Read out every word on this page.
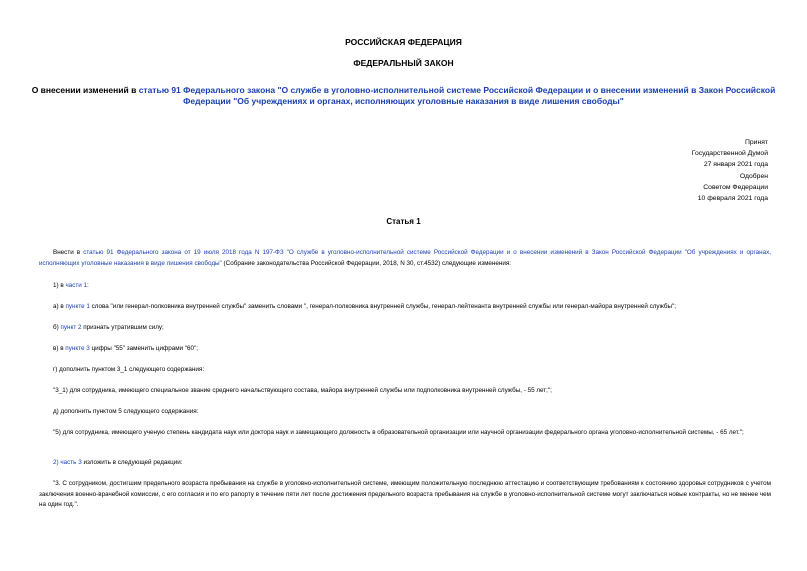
РОССИЙСКАЯ ФЕДЕРАЦИЯ
ФЕДЕРАЛЬНЫЙ ЗАКОН
О внесении изменений в статью 91 Федерального закона "О службе в уголовно-исполнительной системе Российской Федерации и о внесении изменений в Закон Российской Федерации "Об учреждениях и органах, исполняющих уголовные наказания в виде лишения свободы"
Принят
Государственной Думой
27 января 2021 года
Одобрен
Советом Федерации
10 февраля 2021 года
Статья 1
Внести в статью 91 Федерального закона от 19 июля 2018 года N 197-ФЗ "О службе в уголовно-исполнительной системе Российской Федерации и о внесении изменений в Закон Российской Федерации "Об учреждениях и органах, исполняющих уголовные наказания в виде лишения свободы" (Собрание законодательства Российской Федерации, 2018, N 30, ст.4532) следующие изменения:
1) в части 1:
а) в пункте 1 слова "или генерал-полковника внутренней службы" заменить словами ", генерал-полковника внутренней службы, генерал-лейтенанта внутренней службы или генерал-майора внутренней службы";
б) пункт 2 признать утратившим силу;
в) в пункте 3 цифры "55" заменить цифрами "60";
г) дополнить пунктом 3_1 следующего содержания:
"3_1) для сотрудника, имеющего специальное звание среднего начальствующего состава, майора внутренней службы или подполковника внутренней службы, - 55 лет;";
д) дополнить пунктом 5 следующего содержания:
"5) для сотрудника, имеющего ученую степень кандидата наук или доктора наук и замещающего должность в образовательной организации или научной организации федерального органа уголовно-исполнительной системы, - 65 лет.";
2) часть 3 изложить в следующей редакции:
"3. С сотрудником, достигшим предельного возраста пребывания на службе в уголовно-исполнительной системе, имеющим положительную последнюю аттестацию и соответствующим требованиям к состоянию здоровья сотрудников с учетом заключения военно-врачебной комиссии, с его согласия и по его рапорту в течение пяти лет после достижения предельного возраста пребывания на службе в уголовно-исполнительной системе могут заключаться новые контракты, но не менее чем на один год.".
